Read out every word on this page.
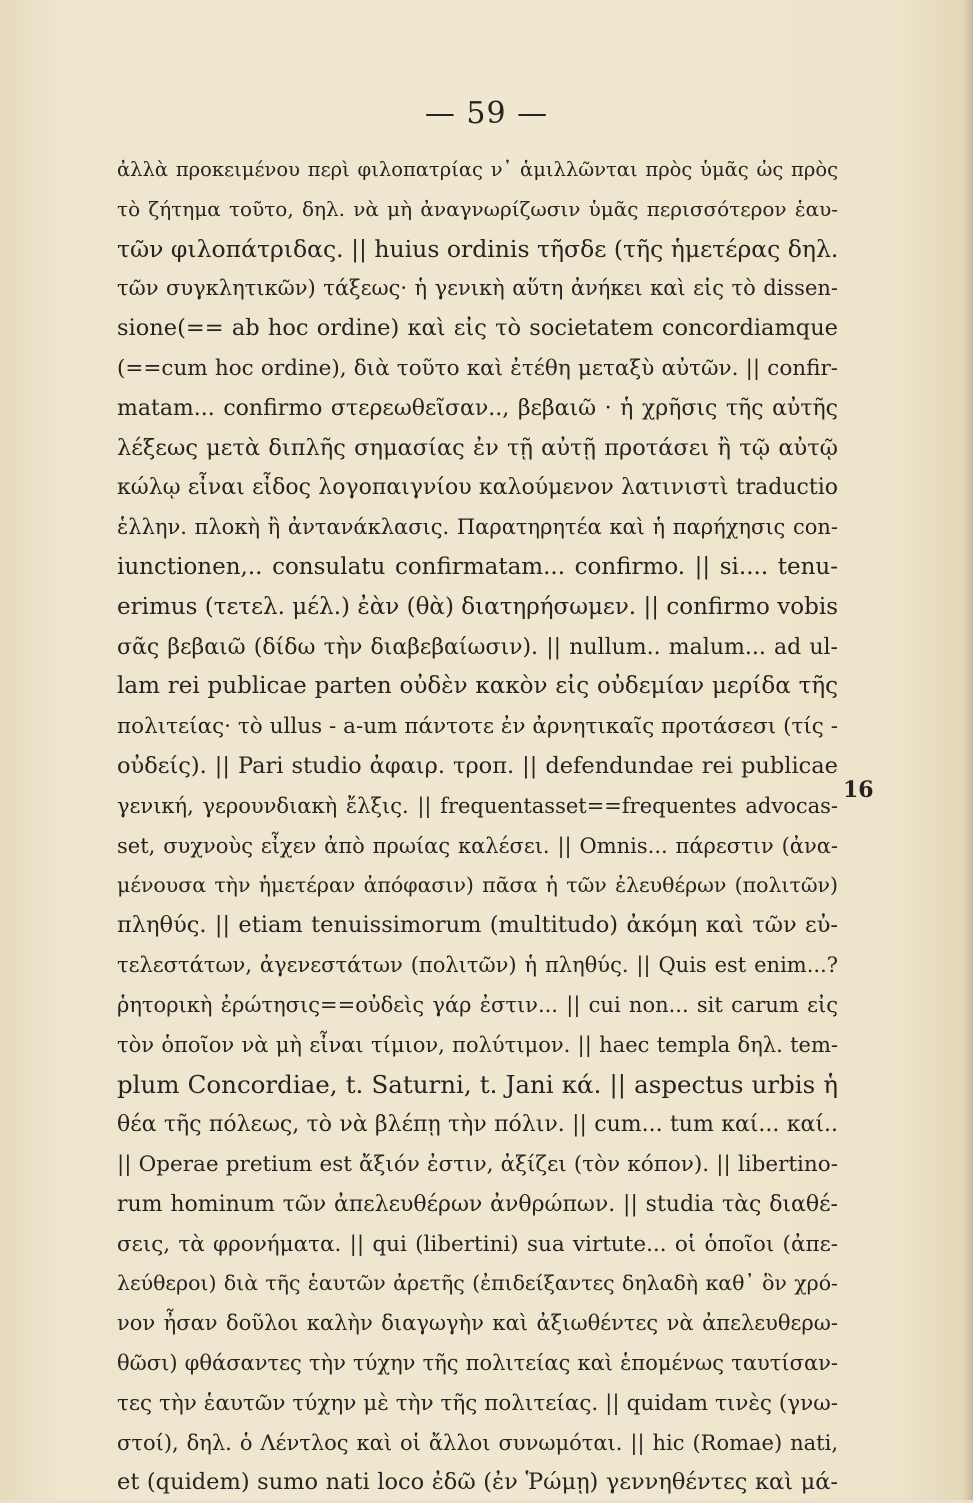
— 59 —
ἀλλὰ προκειμένου περὶ φιλοπατρίας ν᾿ ἁμιλλῶνται πρὸς ὑμᾶς ὡς πρὸς
τὸ ζήτημα τοῦτο, δηλ. νὰ μὴ ἀναγνωρίζωσιν ὑμᾶς περισσότερον ἑαυ-
τῶν φιλοπάτριδας. || huius ordinis τῆσδε (τῆς ἡμετέρας δηλ.
τῶν συγκλητικῶν) τάξεως· ἡ γενικὴ αὕτη ἀνήκει καὶ εἰς τὸ dissen-
sione(== ab hoc ordine) καὶ εἰς τὸ societatem concordiamque
(==cum hoc ordine), διὰ τοῦτο καὶ ἐτέθη μεταξὺ αὐτῶν. || confir-
matam... confirmo στερεωθεῖσαν.., βεβαιῶ · ἡ χρῆσις τῆς αὐτῆς
λέξεως μετὰ διπλῆς σημασίας ἐν τῇ αὐτῇ προτάσει ἢ τῷ αὐτῷ
κώλῳ εἶναι εἶδος λογοπαιγνίου καλούμενον λατινιστὶ traductio
ἑλλην. πλοκὴ ἢ ἀντανάκλασις. Παρατηρητέα καὶ ἡ παρήχησις con-
iunctionen,.. consulatu confirmatam... confirmo. || si.... tenu-
erimus (τετελ. μέλ.) ἐὰν (θὰ) διατηρήσωμεν. || confirmo vobis
σᾶς βεβαιῶ (δίδω τὴν διαβεβαίωσιν). || nullum.. malum... ad ul-
lam rei publicae parten οὐδὲν κακὸν εἰς οὐδεμίαν μερίδα τῆς
πολιτείας· τὸ ullus - a-um πάντοτε ἐν ἀρνητικαῖς προτάσεσι (τίς -
οὐδείς). || Pari studio ἀφαιρ. τροπ. || defendundae rei publicae
γενική, γερουνδιακὴ ἔλξις. || frequentasset==frequentes advocas-
set, συχνοὺς εἶχεν ἀπὸ πρωίας καλέσει. || Omnis... πάρεστιν (ἀνα-
μένουσα τὴν ἡμετέραν ἀπόφασιν) πᾶσα ἡ τῶν ἐλευθέρων (πολιτῶν)
πληθύς. || etiam tenuissimorum (multitudo) ἀκόμη καὶ τῶν εὐ-
τελεστάτων, ἀγενεστάτων (πολιτῶν) ἡ πληθύς. || Quis est enim...?
ῥητορικὴ ἐρώτησις==οὐδεὶς γάρ ἐστιν... || cui non... sit carum εἰς
τὸν ὁποῖον νὰ μὴ εἶναι τίμιον, πολύτιμον. || haec templa δηλ. tem-
plum Concordiae, t. Saturni, t. Jani κά. || aspectus urbis ἡ
θέα τῆς πόλεως, τὸ νὰ βλέπῃ τὴν πόλιν. || cum... tum καί... καί..
|| Operae pretium est ἄξιόν ἐστιν, ἀξίζει (τὸν κόπον). || libertino-
rum hominum τῶν ἀπελευθέρων ἀνθρώπων. || studia τὰς διαθέ-
σεις, τὰ φρονήματα. || qui (libertini) sua virtute... οἱ ὁποῖοι (ἀπε-
λεύθεροι) διὰ τῆς ἑαυτῶν ἀρετῆς (ἐπιδείξαντες δηλαδὴ καθ᾿ ὃν χρό-
νον ἦσαν δοῦλοι καλὴν διαγωγὴν καὶ ἀξιωθέντες νὰ ἀπελευθερω-
θῶσι) φθάσαντες τὴν τύχην τῆς πολιτείας καὶ ἑπομένως ταυτίσαν-
τες τὴν ἑαυτῶν τύχην μὲ τὴν τῆς πολιτείας. || quidam τινὲς (γνω-
στοί), δηλ. ὁ Λέντλος καὶ οἱ ἄλλοι συνωμόται. || hic (Romae) nati,
et (quidem) sumo nati loco ἐδῶ (ἐν Ῥώμῃ) γεννηθέντες καὶ μά-
16
